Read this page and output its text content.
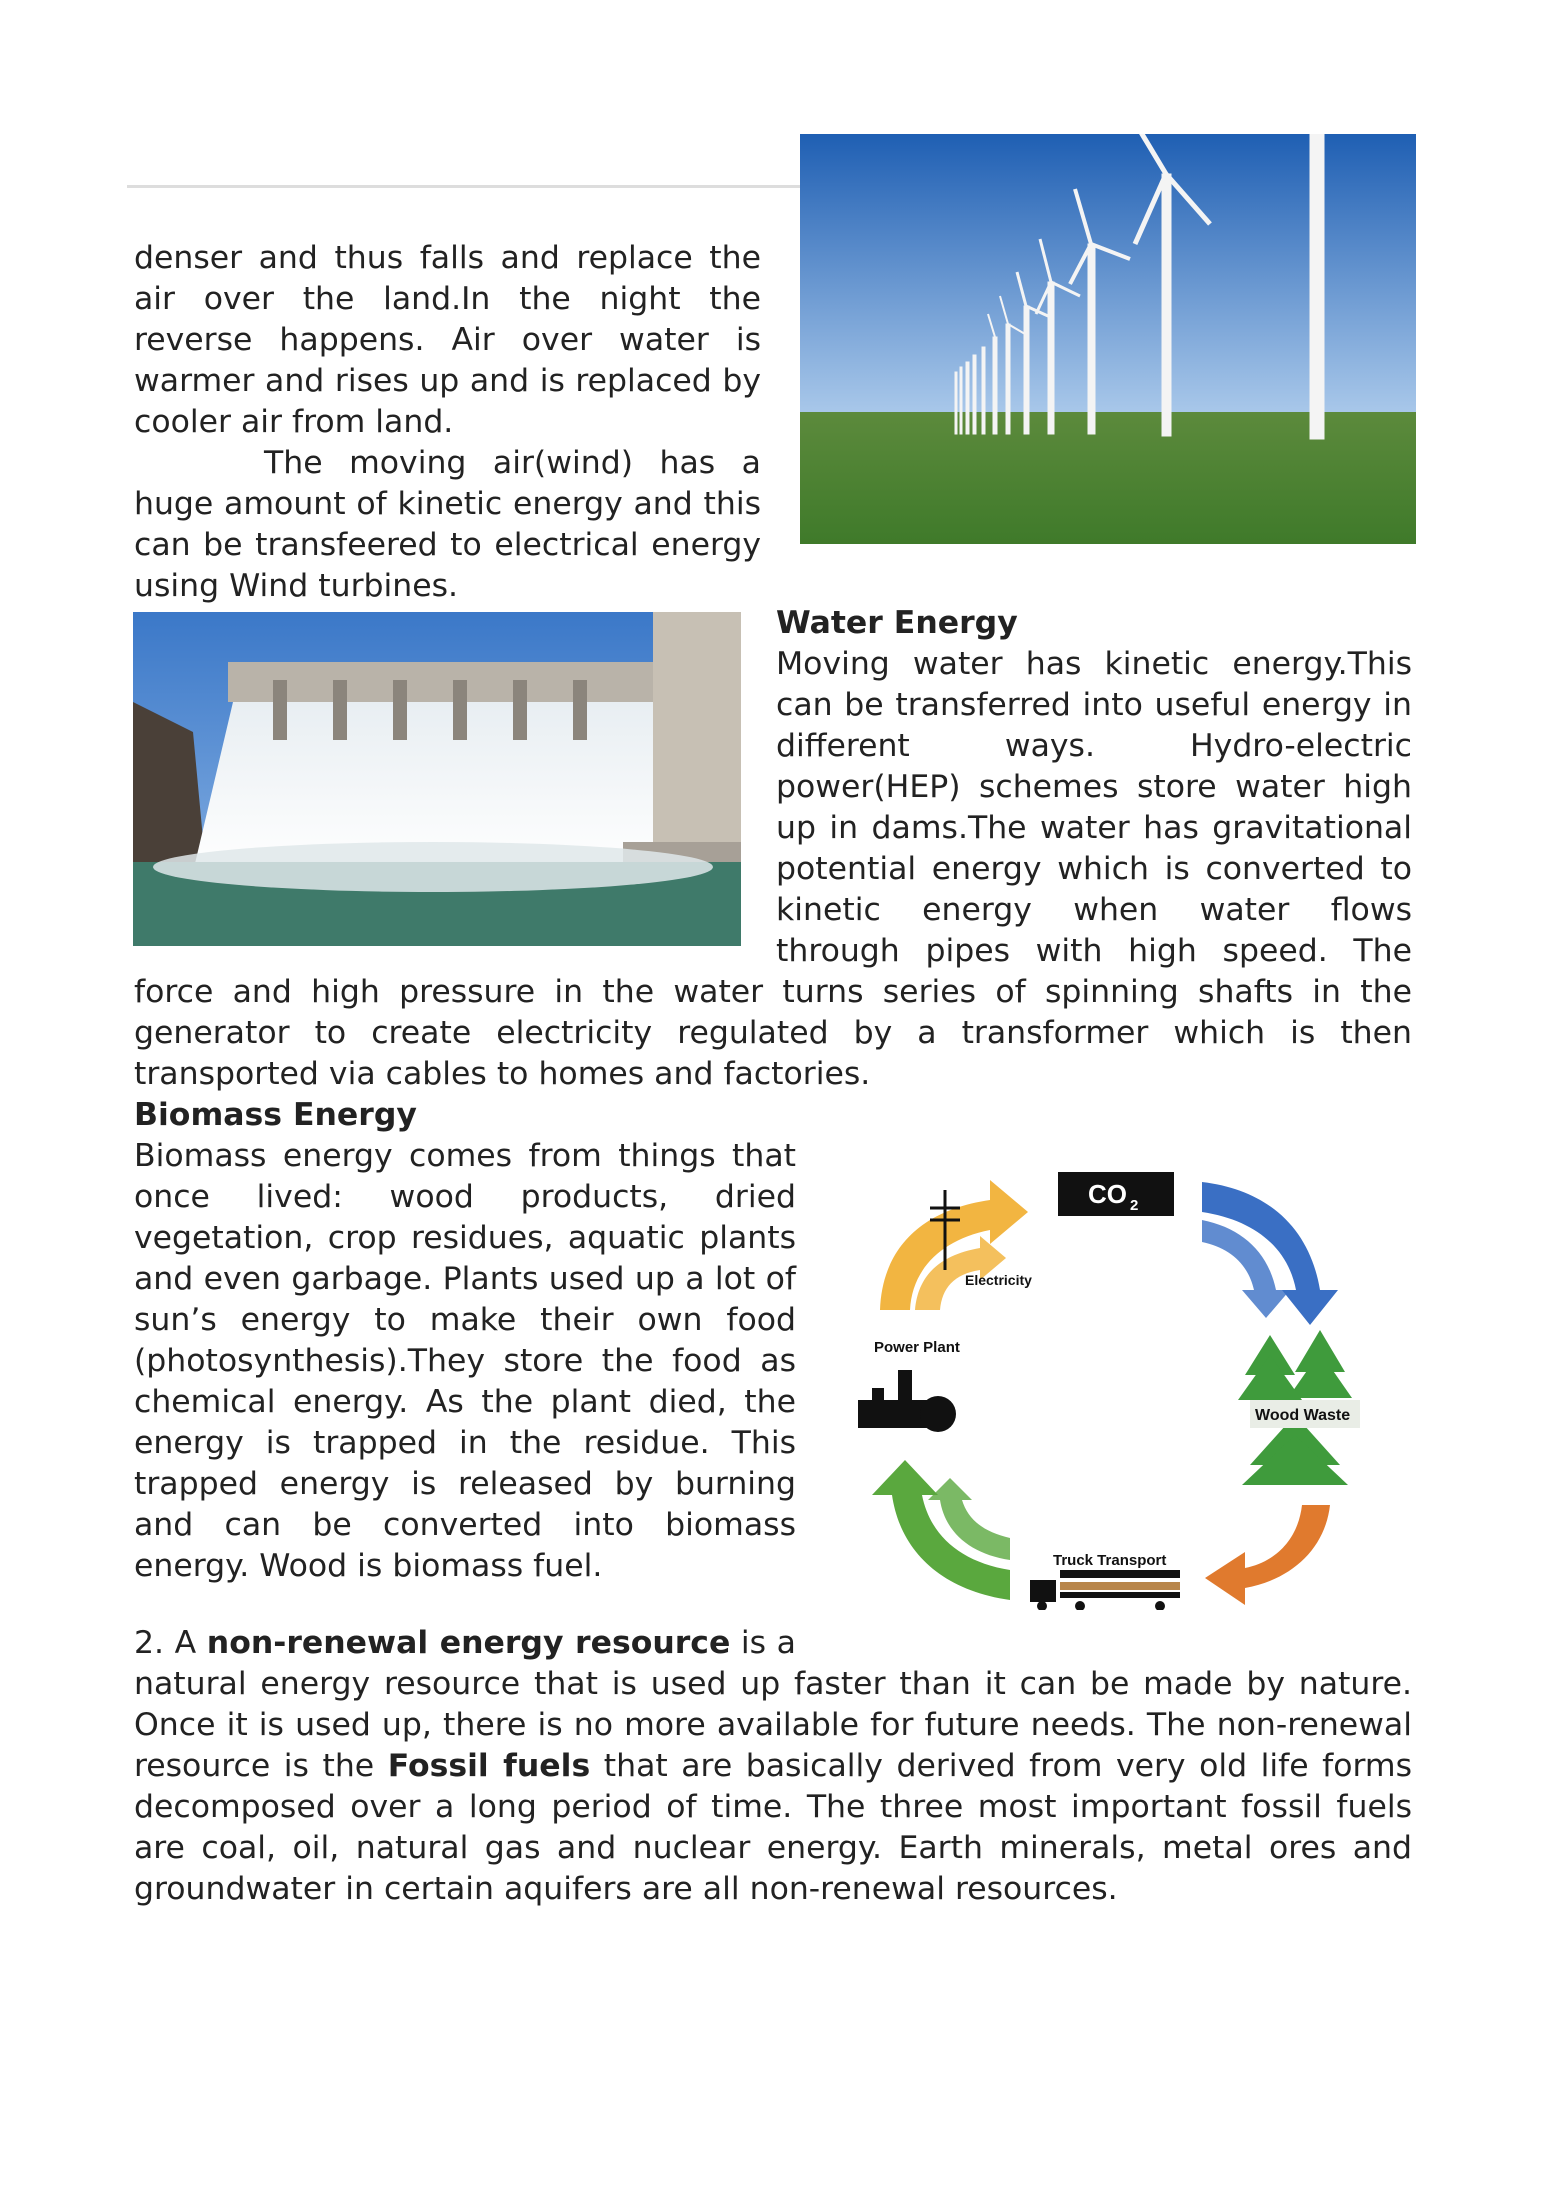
denser and thus falls and replace the air over the land.In the night the reverse happens. Air over water is warmer and rises up and is replaced by cooler air from land.

The moving air(wind) has a huge amount of kinetic energy and this can be transfeered to electrical energy using Wind turbines.

Water Energy

Moving water has kinetic energy.This can be transferred into useful energy in different ways. Hydro-electric power(HEP) schemes store water high up in dams.The water has gravitational potential energy which is converted to kinetic energy when water flows through pipes with high speed. The

force and high pressure in the water turns series of spinning shafts in the generator to create electricity regulated by a transformer which is then transported via cables to homes and factories.

Biomass Energy

Biomass energy comes from things that once lived: wood products, dried vegetation, crop residues, aquatic plants and even garbage. Plants used up a lot of sun’s energy to make their own food (photosynthesis).They store the food as chemical energy. As the plant died, the energy is trapped in the residue. This trapped energy is released by burning and can be converted into biomass energy. Wood is biomass fuel.

CO 2
Wood Waste
Truck Transport
Power Plant
Electricity

2. A non-renewal energy resource is a

natural energy resource that is used up faster than it can be made by nature. Once it is used up, there is no more available for future needs. The non-renewal resource is the Fossil fuels that are basically derived from very old life forms decomposed over a long period of time. The three most important fossil fuels are coal, oil, natural gas and nuclear energy. Earth minerals, metal ores and groundwater in certain aquifers are all non-renewal resources.
